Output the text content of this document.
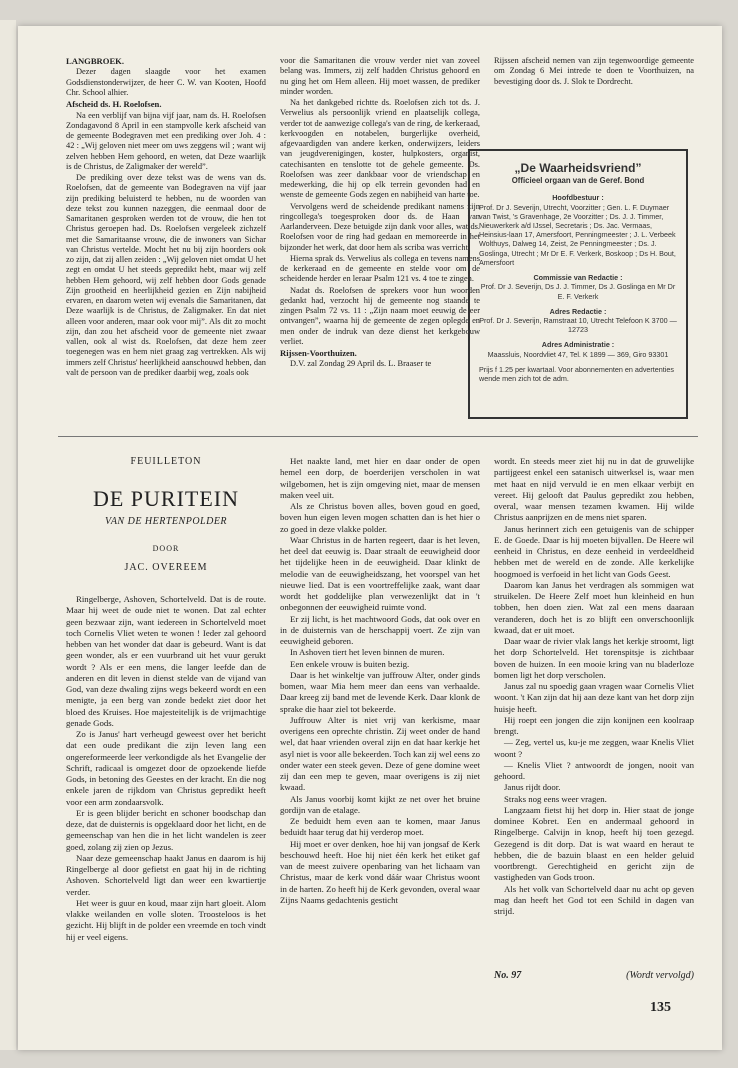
LANGBROEK.

Dezer dagen slaagde voor het examen Godsdienstonderwijzer, de heer C. W. van Kooten, Hoofd Chr. School alhier.

Afscheid ds. H. Roelofsen.

Na een verblijf van bijna vijf jaar, nam ds. H. Roelofsen Zondagavond 8 April in een stampvolle kerk afscheid van de gemeente Bodegraven met een prediking over Joh. 4 : 42 : „Wij geloven niet meer om uws zeggens wil ; want wij zelven hebben Hem gehoord, en weten, dat Deze waarlijk is de Christus, de Zaligmaker der wereld”.

De prediking over deze tekst was de wens van ds. Roelofsen, dat de gemeente van Bodegraven na vijf jaar zijn prediking beluisterd te hebben, nu de woorden van deze tekst zou kunnen nazeggen, die eenmaal door de Samaritanen gesproken werden tot de vrouw, die hen tot Christus geroepen had. Ds. Roelofsen vergeleek zichzelf met die Samaritaanse vrouw, die de inwoners van Sichar van Christus vertelde. Mocht het nu bij zijn hoorders ook zo zijn, dat zij allen zeiden : „Wij geloven niet omdat U het zegt en omdat U het steeds gepredikt hebt, maar wij zelf hebben Hem gehoord, wij zelf hebben door Gods genade Zijn grootheid en heerlijkheid gezien en Zijn nabijheid ervaren, en daarom weten wij evenals die Samaritanen, dat Deze waarlijk is de Christus, de Zaligmaker. En dat niet alleen voor anderen, maar ook voor mij”. Als dit zo mocht zijn, dan zou het afscheid voor de gemeente niet zwaar vallen, ook al wist ds. Roelofsen, dat deze hem zeer toegenegen was en hem niet graag zag vertrekken. Als wij immers zelf Christus' heerlijkheid aanschouwd hebben, dan valt de persoon van de prediker daarbij weg, zoals ook

voor die Samaritanen die vrouw verder niet van zoveel belang was. Immers, zij zelf hadden Christus gehoord en nu ging het om Hem alleen. Hij moet wassen, de prediker minder worden.

Na het dankgebed richtte ds. Roelofsen zich tot ds. J. Verwelius als persoonlijk vriend en plaatselijk collega, verder tot de aanwezige collega's van de ring, de kerkeraad, kerkvoogden en notabelen, burgerlijke overheid, afgevaardigden van andere kerken, onderwijzers, leiders van jeugdverenigingen, koster, hulpkosters, organist, catechisanten en tenslotte tot de gehele gemeente. Ds. Roelofsen was zeer dankbaar voor de vriendschap en medewerking, die hij op elk terrein gevonden had en wenste de gemeente Gods zegen en nabijheid van harte toe.

Vervolgens werd de scheidende predikant namens zijn ringcollega's toegesproken door ds. de Haan van Aarlanderveen. Deze betuigde zijn dank voor alles, wat ds. Roelofsen voor de ring had gedaan en memoreerde in het bijzonder het werk, dat door hem als scriba was verricht.

Hierna sprak ds. Verwelius als collega en tevens namens de kerkeraad en de gemeente en stelde voor om de scheidende herder en leraar Psalm 121 vs. 4 toe te zingen.

Nadat ds. Roelofsen de sprekers voor hun woorden gedankt had, verzocht hij de gemeente nog staande te zingen Psalm 72 vs. 11 : „Zijn naam moet eeuwig de eer ontvangen”, waarna hij de gemeente de zegen oplegde en men onder de indruk van deze dienst het kerkgebouw verliet.

Rijssen-Voorthuizen.

D.V. zal Zondag 29 April ds. L. Braaser te

Rijssen afscheid nemen van zijn tegenwoordige gemeente om Zondag 6 Mei intrede te doen te Voorthuizen, na bevestiging door ds. J. Slok te Dordrecht.

„De Waarheidsvriend”
Officieel orgaan van de Geref. Bond
Hoofdbestuur :
Prof. Dr J. Severijn, Utrecht, Voorzitter ; Gen. L. F. Duymaer van Twist, 's Gravenhage, 2e Voorzitter ; Ds. J. J. Timmer, Nieuwerkerk a/d IJssel, Secretaris ; Ds. Jac. Vermaas, Heinsius-laan 17, Amersfoort, Penningmeester ; J. L. Verbeek Wolthuys, Dalweg 14, Zeist, 2e Penningmeester ; Ds. J. Goslinga, Utrecht ; Mr Dr E. F. Verkerk, Boskoop ; Ds H. Bout, Amersfoort
Commissie van Redactie :
Prof. Dr J. Severijn, Ds J. J. Timmer, Ds J. Goslinga en Mr Dr E. F. Verkerk
Adres Redactie :
Prof. Dr J. Severijn, Ramstraat 10, Utrecht Telefoon K 3700 — 12723
Adres Administratie :
Maassluis, Noordvliet 47, Tel. K 1899 — 369, Giro 93301
Prijs f 1.25 per kwartaal. Voor abonnementen en advertenties wende men zich tot de adm.
FEUILLETON
DE PURITEIN
VAN DE HERTENPOLDER
DOOR
JAC. OVEREEM

Ringelberge, Ashoven, Schortelveld. Dat is de route. Maar hij weet de oude niet te wonen. Dat zal echter geen bezwaar zijn, want iedereen in Schortelveld moet toch Cornelis Vliet weten te wonen ! Ieder zal gehoord hebben van het wonder dat daar is gebeurd. Want is dat geen wonder, als er een vuurbrand uit het vuur gerukt wordt ? Als er een mens, die langer leefde dan de anderen en dit leven in dienst stelde van de vijand van God, van deze dwaling zijns wegs bekeerd wordt en een menigte, ja een berg van zonde bedekt ziet door het bloed des Kruises. Hoe majesteitelijk is de vrijmachtige genade Gods.

Zo is Janus' hart verheugd geweest over het bericht dat een oude predikant die zijn leven lang een ongereformeerde leer verkondigde als het Evangelie der Schrift, radicaal is omgezet door de opzoekende liefde Gods, in betoning des Geestes en der kracht. En die nog enkele jaren de rijkdom van Christus gepredikt heeft voor een arm zondaarsvolk.

Er is geen blijder bericht en schoner boodschap dan deze, dat de duisternis is opgeklaard door het licht, en de gemeenschap van hen die in het licht wandelen is zeer goed, zolang zij zien op Jezus.

Naar deze gemeenschap haakt Janus en daarom is hij Ringelberge al door gefietst en gaat hij in de richting Ashoven. Schortelveld ligt dan weer een kwartiertje verder.

Het weer is guur en koud, maar zijn hart gloeit. Alom vlakke weilanden en volle sloten. Troosteloos is het gezicht. Hij blijft in de polder een vreemde en toch vindt hij er veel eigens.

Het naakte land, met hier en daar onder de open hemel een dorp, de boerderijen verscholen in wat wilgebomen, het is zijn omgeving niet, maar de mensen maken veel uit.

Als ze Christus boven alles, boven goud en goed, boven hun eigen leven mogen schatten dan is het hier o zo goed in deze vlakke polder.

Waar Christus in de harten regeert, daar is het leven, het deel dat eeuwig is. Daar straalt de eeuwigheid door het tijdelijke heen in de eeuwigheid. Daar klinkt de melodie van de eeuwigheidszang, het voorspel van het nieuwe lied. Dat is een voortreffelijke zaak, want daar wordt het goddelijke plan verwezenlijkt dat in 't onbegonnen der eeuwigheid ruimte vond.

Er zij licht, is het machtwoord Gods, dat ook over en in de duisternis van de herschappij voert. Ze zijn van eeuwigheid geboren.

In Ashoven tiert het leven binnen de muren.

Een enkele vrouw is buiten bezig.

Daar is het winkeltje van juffrouw Alter, onder ginds bomen, waar Mia hem meer dan eens van verhaalde. Daar kreeg zij band met de levende Kerk. Daar klonk de sprake die haar ziel tot bekeerde.

Juffrouw Alter is niet vrij van kerkisme, maar overigens een oprechte christin. Zij weet onder de hand wel, dat haar vrienden overal zijn en dat haar kerkje het asyl niet is voor alle bekeerden. Toch kan zij wel eens zo onder water een steek geven. Deze of gene domine weet zij dan een mep te geven, maar overigens is zij niet kwaad.

Als Janus voorbij komt kijkt ze net over het bruine gordijn van de etalage.

Ze beduidt hem even aan te komen, maar Janus beduidt haar terug dat hij verderop moet.

Hij moet er over denken, hoe hij van jongsaf de Kerk beschouwd heeft. Hoe hij niet één kerk het etiket gaf van de meest zuivere openbaring van het lichaam van Christus, maar de kerk vond dáár waar Christus woont in de harten. Zo heeft hij de Kerk gevonden, overal waar Zijns Naams gedachtenis gesticht

wordt. En steeds meer ziet hij nu in dat de gruwelijke partijgeest enkel een satanisch uitwerksel is, waar men met haat en nijd vervuld ie en men elkaar verbijt en vereet. Hij gelooft dat Paulus gepredikt zou hebben, overal, waar mensen tezamen kwamen. Hij wilde Christus aanprijzen en de mens niet sparen.

Janus herinnert zich een getuigenis van de schipper E. de Goede. Daar is hij moeten bijvallen. De Heere wil eenheid in Christus, en deze eenheid in verdeeldheid hebben met de wereld en de zonde. Alle kerkelijke hoogmoed is verfoeid in het licht van Gods Geest.

Daarom kan Janus het verdragen als sommigen wat struikelen. De Heere Zelf moet hun kleinheid en hun tobben, hen doen zien. Wat zal een mens daaraan veranderen, doch het is zo blijft een onverschoonlijk kwaad, dat er uit moet.

Daar waar de rivier vlak langs het kerkje stroomt, ligt het dorp Schortelveld. Het torenspitsje is zichtbaar boven de huizen. In een mooie kring van nu bladerloze bomen ligt het dorp verscholen.

Janus zal nu spoedig gaan vragen waar Cornelis Vliet woont. 't Kan zijn dat hij aan deze kant van het dorp zijn huisje heeft.

Hij roept een jongen die zijn konijnen een koolraap brengt.

— Zeg, vertel us, ku-je me zeggen, waar Knelis Vliet woont ?

— Knelis Vliet ? antwoordt de jongen, nooit van gehoord.

Janus rijdt door.

Straks nog eens weer vragen.

Langzaam fietst hij het dorp in. Hier staat de jonge dominee Kobret. Een en andermaal gehoord in Ringelberge. Calvijn in knop, heeft hij toen gezegd. Gezegend is dit dorp. Dat is wat waard en heraut te hebben, die de bazuin blaast en een helder geluid voortbrengt. Gerechtigheid en gericht zijn de vastigheden van Gods troon.

Als het volk van Schortelveld daar nu acht op geven mag dan heeft het God tot een Schild in dagen van strijd.

No. 97	(Wordt vervolgd)
135
